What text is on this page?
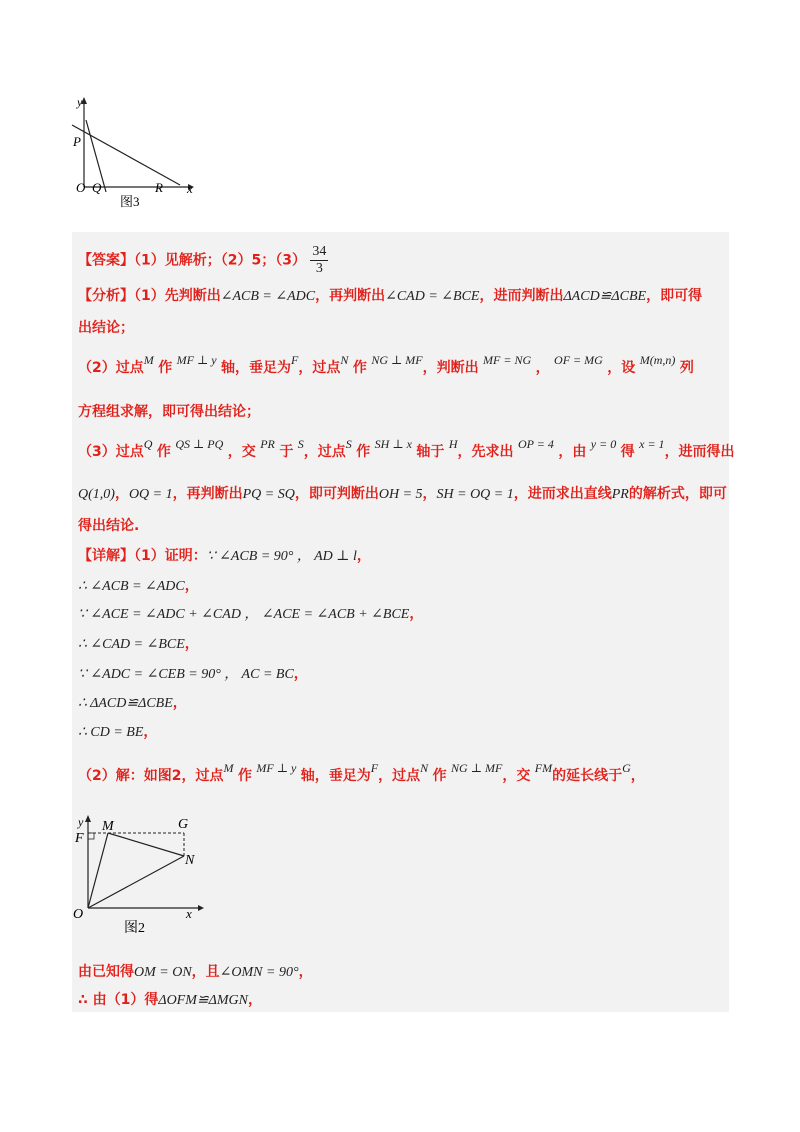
y
x
O Q
P
R
图3
【答案】（1）见解析；（2）5；$(3) \frac{34}{3}$
【分析】（1）先判断出∠ACB = ∠ADC，再判断出∠CAD = ∠BCE，进而判断出ΔACD≌ΔCBE，即可得
出结论；
（2）过点M 作 MF ⊥ y 轴，垂足为F，过点N 作 NG ⊥ MF，判断出 MF = NG ， OF = MG ，设 M(m,n) 列
方程组求解，即可得出结论；
（3）过点Q 作 QS ⊥ PQ ，交 PR 于 S，过点S 作 SH ⊥ x 轴于 H，先求出 OP = 4 ，由 y = 0 得 x = 1，进而得出
Q(1,0)，OQ = 1，再判断出PQ = SQ，即可判断出OH = 5，SH = OQ = 1，进而求出直线PR的解析式，即可
得出结论.
【详解】（1）证明：∵ ∠ACB = 90° ， AD ⊥ l，
∴ ∠ACB = ∠ADC，
∵ ∠ACE = ∠ADC + ∠CAD ， ∠ACE = ∠ACB + ∠BCE，
∴ ∠CAD = ∠BCE，
∵ ∠ADC = ∠CEB = 90° ， AC = BC，
∴ ΔACD≌ΔCBE，
∴ CD = BE，
（2）解：如图2，过点M 作 MF ⊥ y 轴，垂足为F，过点N 作 NG ⊥ MF，交 FM的延长线于G，
y
x
O
F
M	G
N
图2
由已知得OM = ON，且∠OMN = 90°，
∴ 由（1）得ΔOFM≌ΔMGN，
